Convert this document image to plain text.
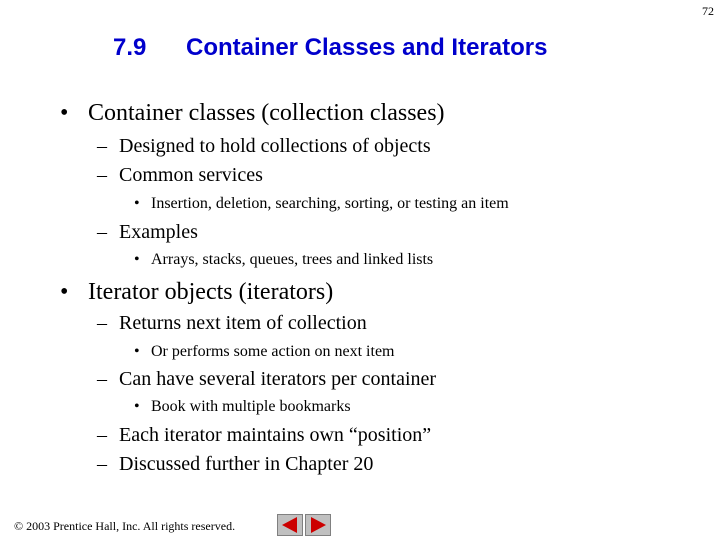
72
7.9 Container Classes and Iterators
• Container classes (collection classes)
– Designed to hold collections of objects
– Common services
• Insertion, deletion, searching, sorting, or testing an item
– Examples
• Arrays, stacks, queues, trees and linked lists
• Iterator objects (iterators)
– Returns next item of collection
• Or performs some action on next item
– Can have several iterators per container
• Book with multiple bookmarks
– Each iterator maintains own “position”
– Discussed further in Chapter 20
© 2003 Prentice Hall, Inc. All rights reserved.
